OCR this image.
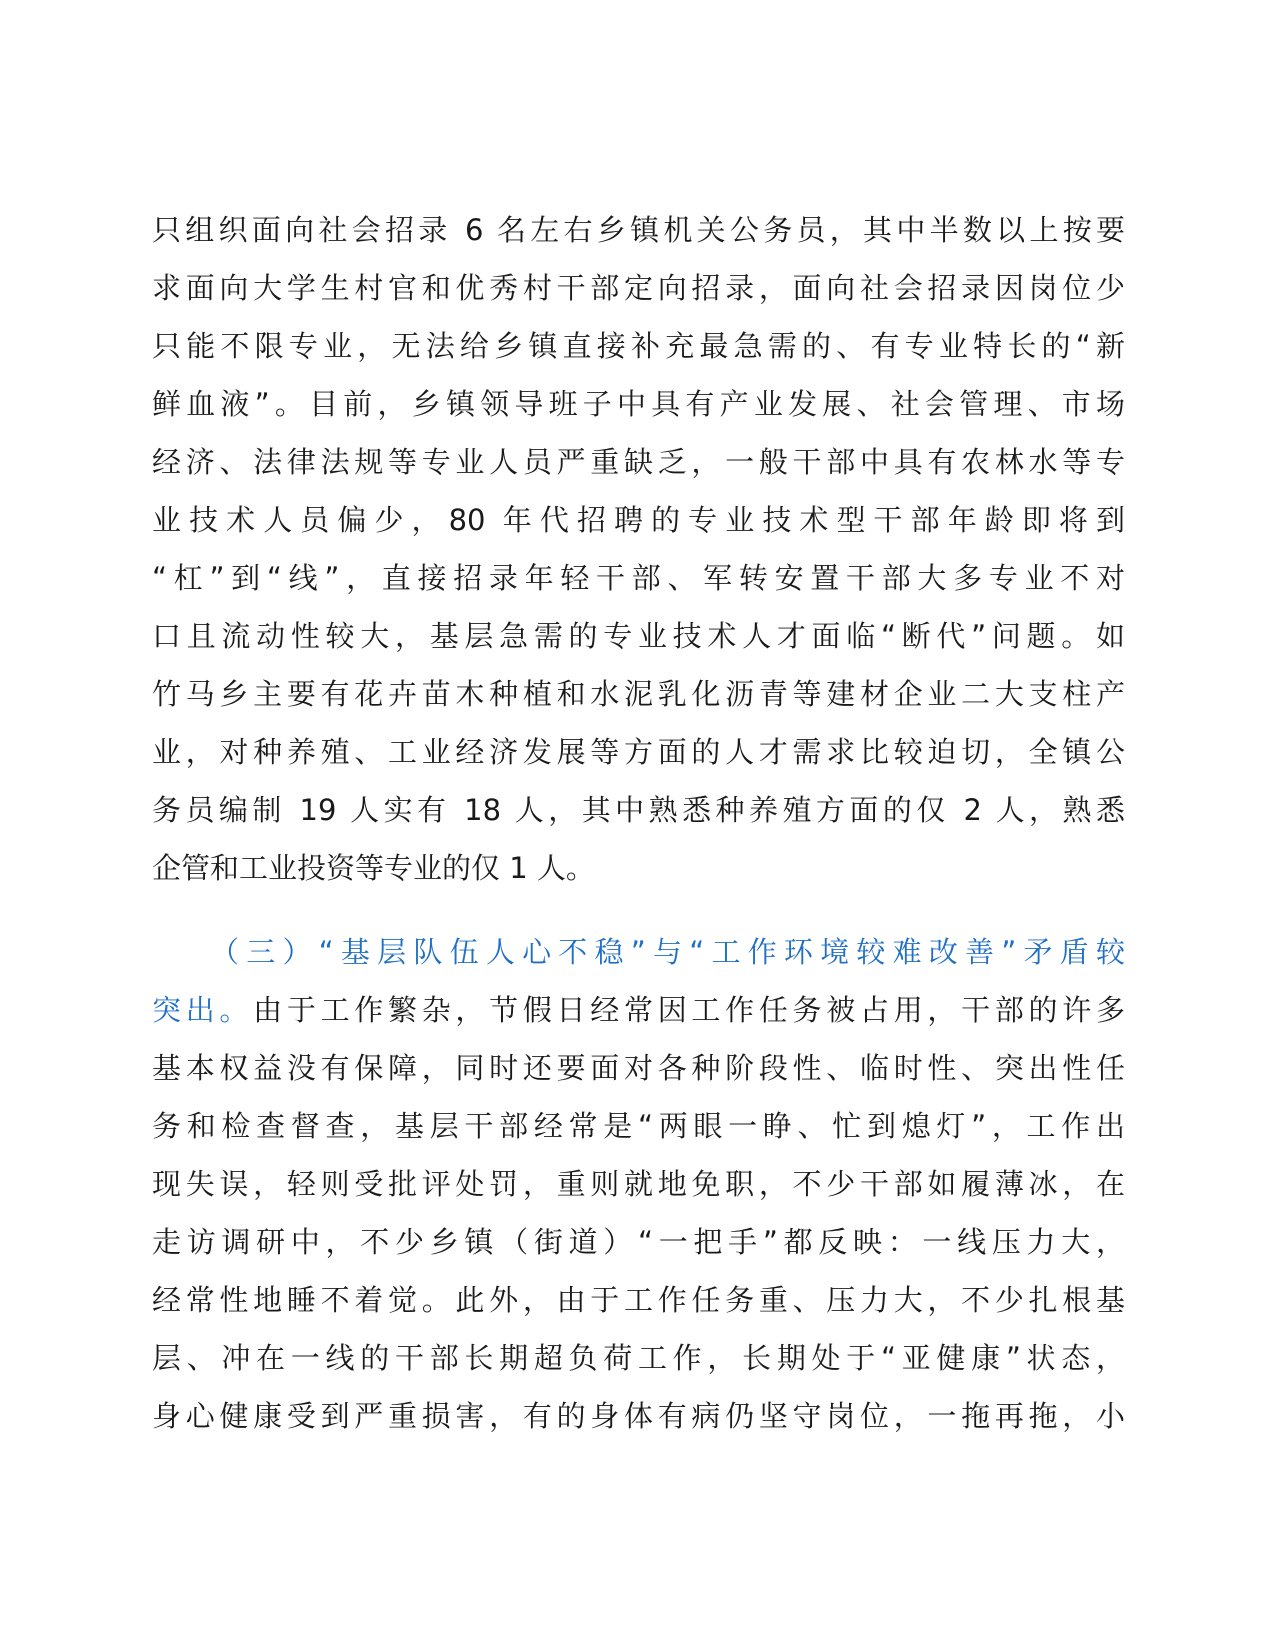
只组织面向社会招录 6 名左右乡镇机关公务员，其中半数以上按要
求面向大学生村官和优秀村干部定向招录，面向社会招录因岗位少
只能不限专业，无法给乡镇直接补充最急需的、有专业特长的“新
鲜血液”。目前，乡镇领导班子中具有产业发展、社会管理、市场
经济、法律法规等专业人员严重缺乏，一般干部中具有农林水等专
业技术人员偏少，80 年代招聘的专业技术型干部年龄即将到
“杠”到“线”，直接招录年轻干部、军转安置干部大多专业不对
口且流动性较大，基层急需的专业技术人才面临“断代”问题。如
竹马乡主要有花卉苗木种植和水泥乳化沥青等建材企业二大支柱产
业，对种养殖、工业经济发展等方面的人才需求比较迫切，全镇公
务员编制 19 人实有 18 人，其中熟悉种养殖方面的仅 2 人，熟悉
企管和工业投资等专业的仅 1 人。
（三）“基层队伍人心不稳”与“工作环境较难改善”矛盾较
突出。由于工作繁杂，节假日经常因工作任务被占用，干部的许多
基本权益没有保障，同时还要面对各种阶段性、临时性、突出性任
务和检查督查，基层干部经常是“两眼一睁、忙到熄灯”，工作出
现失误，轻则受批评处罚，重则就地免职，不少干部如履薄冰，在
走访调研中，不少乡镇（街道）“一把手”都反映：一线压力大，
经常性地睡不着觉。此外，由于工作任务重、压力大，不少扎根基
层、冲在一线的干部长期超负荷工作，长期处于“亚健康”状态，
身心健康受到严重损害，有的身体有病仍坚守岗位，一拖再拖，小
